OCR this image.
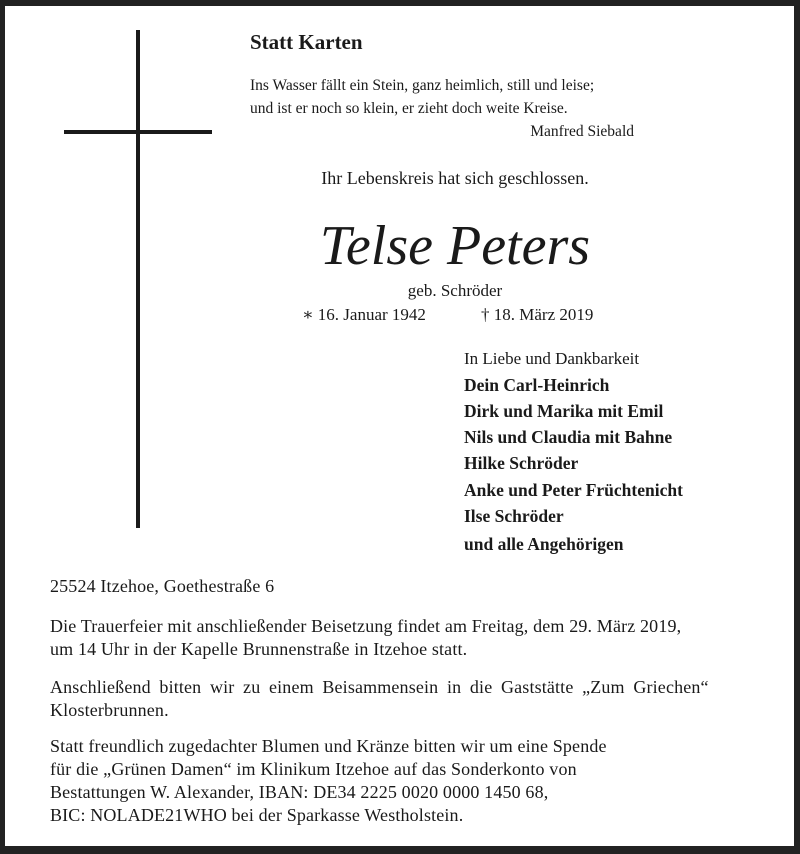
Statt Karten
Ins Wasser fällt ein Stein, ganz heimlich, still und leise;
und ist er noch so klein, er zieht doch weite Kreise.
Manfred Siebald
Ihr Lebenskreis hat sich geschlossen.
Telse Peters
geb. Schröder
∗ 16. Januar 1942	† 18. März 2019
In Liebe und Dankbarkeit
Dein Carl-Heinrich
Dirk und Marika mit Emil
Nils und Claudia mit Bahne
Hilke Schröder
Anke und Peter Früchtenicht
Ilse Schröder
und alle Angehörigen
25524 Itzehoe, Goethestraße 6
Die Trauerfeier mit anschließender Beisetzung findet am Freitag, dem 29. März 2019,
um 14 Uhr in der Kapelle Brunnenstraße in Itzehoe statt.
Anschließend bitten wir zu einem Beisammensein in die Gaststätte „Zum Griechen“
Klosterbrunnen.
Statt freundlich zugedachter Blumen und Kränze bitten wir um eine Spende
für die „Grünen Damen“ im Klinikum Itzehoe auf das Sonderkonto von
Bestattungen W. Alexander, IBAN: DE34 2225 0020 0000 1450 68,
BIC: NOLADE21WHO bei der Sparkasse Westholstein.
